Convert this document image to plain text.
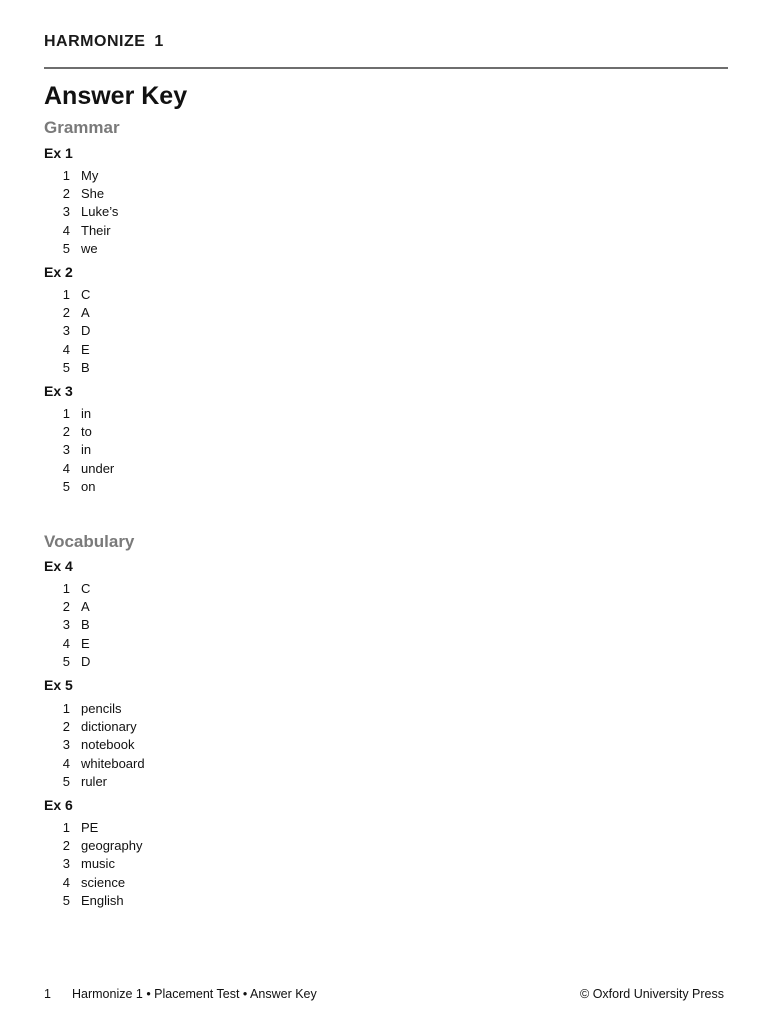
HARMONIZE 1
Answer Key
Grammar
Ex 1
1 My
2 She
3 Luke’s
4 Their
5 we
Ex 2
1 C
2 A
3 D
4 E
5 B
Ex 3
1 in
2 to
3 in
4 under
5 on
Vocabulary
Ex 4
1 C
2 A
3 B
4 E
5 D
Ex 5
1 pencils
2 dictionary
3 notebook
4 whiteboard
5 ruler
Ex 6
1 PE
2 geography
3 music
4 science
5 English
1 Harmonize 1 • Placement Test • Answer Key	© Oxford University Press
